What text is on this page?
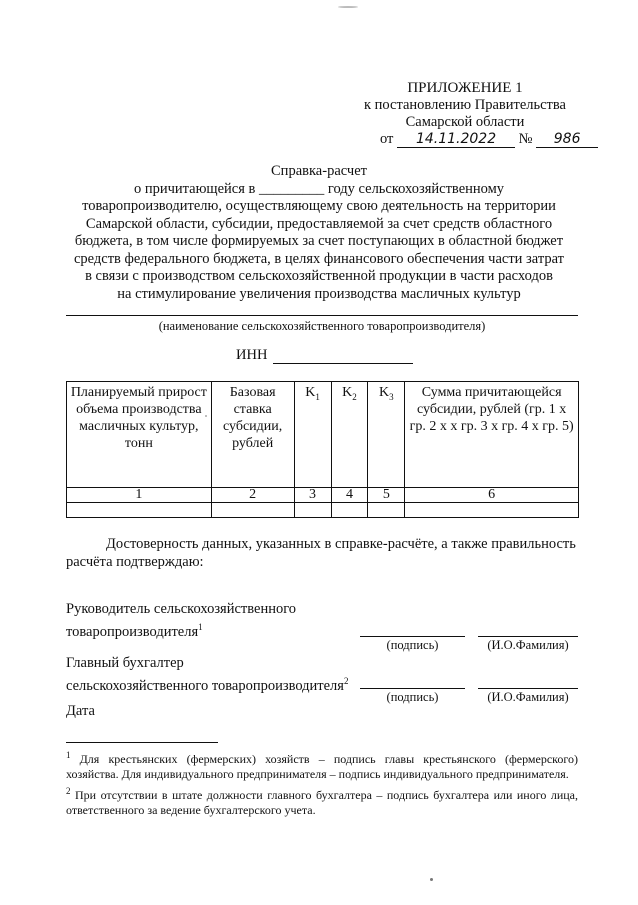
ПРИЛОЖЕНИЕ 1
к постановлению Правительства
Самарской области
от 14.11.2022 № 986
Справка-расчет
о причитающейся в _________ году сельскохозяйственному
товаропроизводителю, осуществляющему свою деятельность на территории
Самарской области, субсидии, предоставляемой за счет средств областного
бюджета, в том числе формируемых за счет поступающих в областной бюджет
средств федерального бюджета, в целях финансового обеспечения части затрат
в связи с производством сельскохозяйственной продукции в части расходов
на стимулирование увеличения производства масличных культур
(наименование сельскохозяйственного товаропроизводителя)
ИНН
Планируемый прирост объема производства масличных культур, тонн	Базовая ставка субсидии, рублей	$K_1$	$K_2$	$K_3$	Сумма причитающейся субсидии, рублей (гр. 1 х гр. 2 х х гр. 3 х гр. 4 х гр. 5)
1	2	3	4	5	6

Достоверность данных, указанных в справке-расчёте, а также правильность расчёта подтверждаю:
Руководитель сельскохозяйственного
товаропроизводителя$^1$
(подпись)	(И.О.Фамилия)
Главный бухгалтер
сельскохозяйственного товаропроизводителя$^2$
(подпись)	(И.О.Фамилия)
Дата

$^1$ Для крестьянских (фермерских) хозяйств – подпись главы крестьянского (фермерского) хозяйства. Для индивидуального предпринимателя – подпись индивидуального предпринимателя.

$^2$ При отсутствии в штате должности главного бухгалтера – подпись бухгалтера или иного лица, ответственного за ведение бухгалтерского учета.
